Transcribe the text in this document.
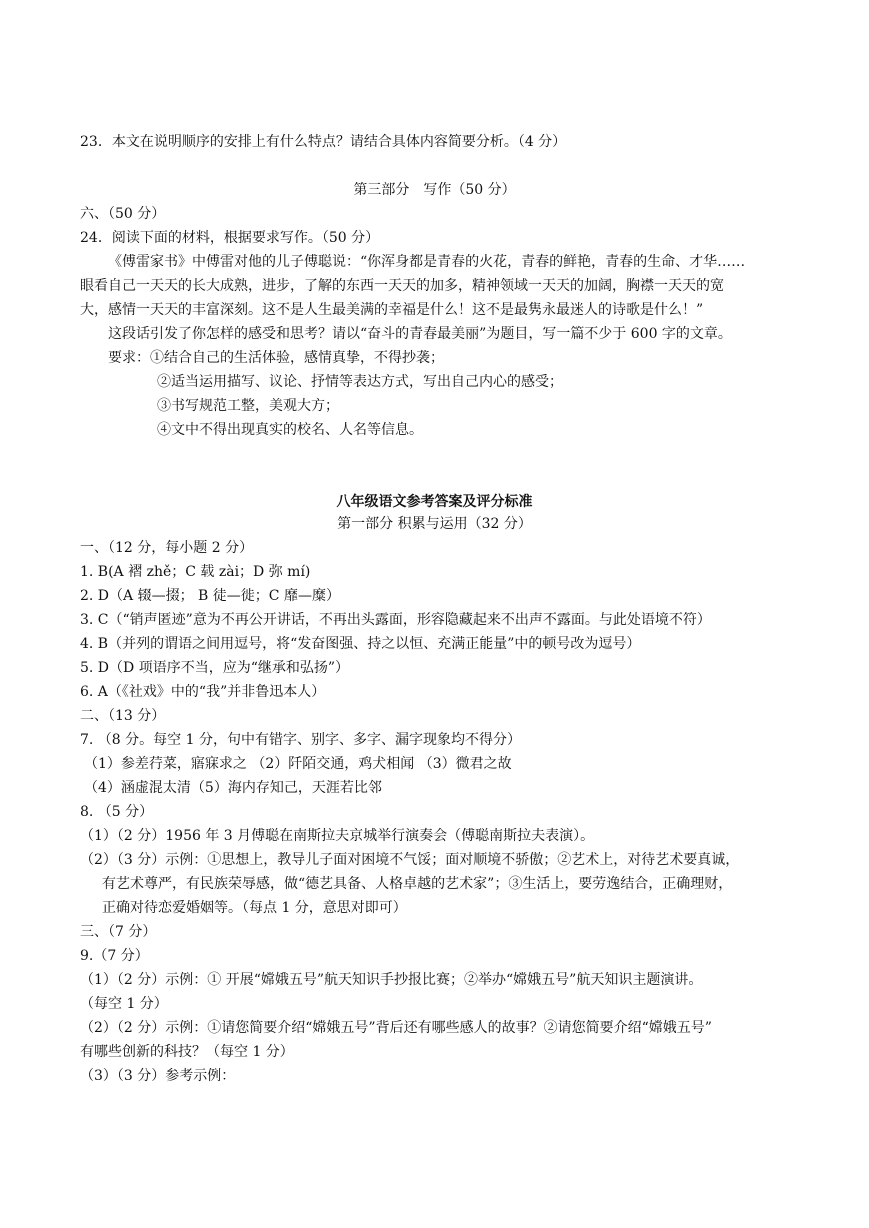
23．本文在说明顺序的安排上有什么特点？请结合具体内容简要分析。（4 分）
第三部分　写作（50 分）
六、（50 分）
24．阅读下面的材料，根据要求写作。（50 分）
《傅雷家书》中傅雷对他的儿子傅聪说：“你浑身都是青春的火花，青春的鲜艳，青春的生命、才华……
眼看自己一天天的长大成熟，进步，了解的东西一天天的加多，精神领域一天天的加阔，胸襟一天天的宽
大，感情一天天的丰富深刻。这不是人生最美满的幸福是什么！这不是最隽永最迷人的诗歌是什么！”
这段话引发了你怎样的感受和思考？请以“奋斗的青春最美丽”为题目，写一篇不少于 600 字的文章。
要求：①结合自己的生活体验，感情真挚，不得抄袭；
②适当运用描写、议论、抒情等表达方式，写出自己内心的感受；
③书写规范工整，美观大方；
④文中不得出现真实的校名、人名等信息。
八年级语文参考答案及评分标准
第一部分 积累与运用（32 分）
一、（12 分，每小题 2 分）
1. B(A 褶 zhě；C 载 zài；D 弥 mí)
2. D（A 辍—掇； B 徒—徙；C 靡—糜）
3. C（“销声匿迹”意为不再公开讲话，不再出头露面，形容隐藏起来不出声不露面。与此处语境不符）
4. B（并列的谓语之间用逗号，将“发奋图强、持之以恒、充满正能量”中的顿号改为逗号）
5. D（D 项语序不当，应为“继承和弘扬”）
6. A（《社戏》中的“我”并非鲁迅本人）
二、（13 分）
7. （8 分。每空 1 分，句中有错字、别字、多字、漏字现象均不得分）
（1）参差荇菜，寤寐求之 （2）阡陌交通，鸡犬相闻 （3）微君之故
（4）涵虚混太清（5）海内存知己，天涯若比邻
8. （5 分）
（1）（2 分）1956 年 3 月傅聪在南斯拉夫京城举行演奏会（傅聪南斯拉夫表演）。
（2）（3 分）示例：①思想上，教导儿子面对困境不气馁；面对顺境不骄傲；②艺术上，对待艺术要真诚，
有艺术尊严，有民族荣辱感，做“德艺具备、人格卓越的艺术家”；③生活上，要劳逸结合，正确理财，
正确对待恋爱婚姻等。（每点 1 分，意思对即可）
三、（7 分）
9.（7 分）
（1）（2 分）示例：① 开展“嫦娥五号”航天知识手抄报比赛；②举办“嫦娥五号”航天知识主题演讲。
（每空 1 分）
（2）（2 分）示例：①请您简要介绍“嫦娥五号”背后还有哪些感人的故事？②请您简要介绍“嫦娥五号”
有哪些创新的科技？（每空 1 分）
（3）（3 分）参考示例：
